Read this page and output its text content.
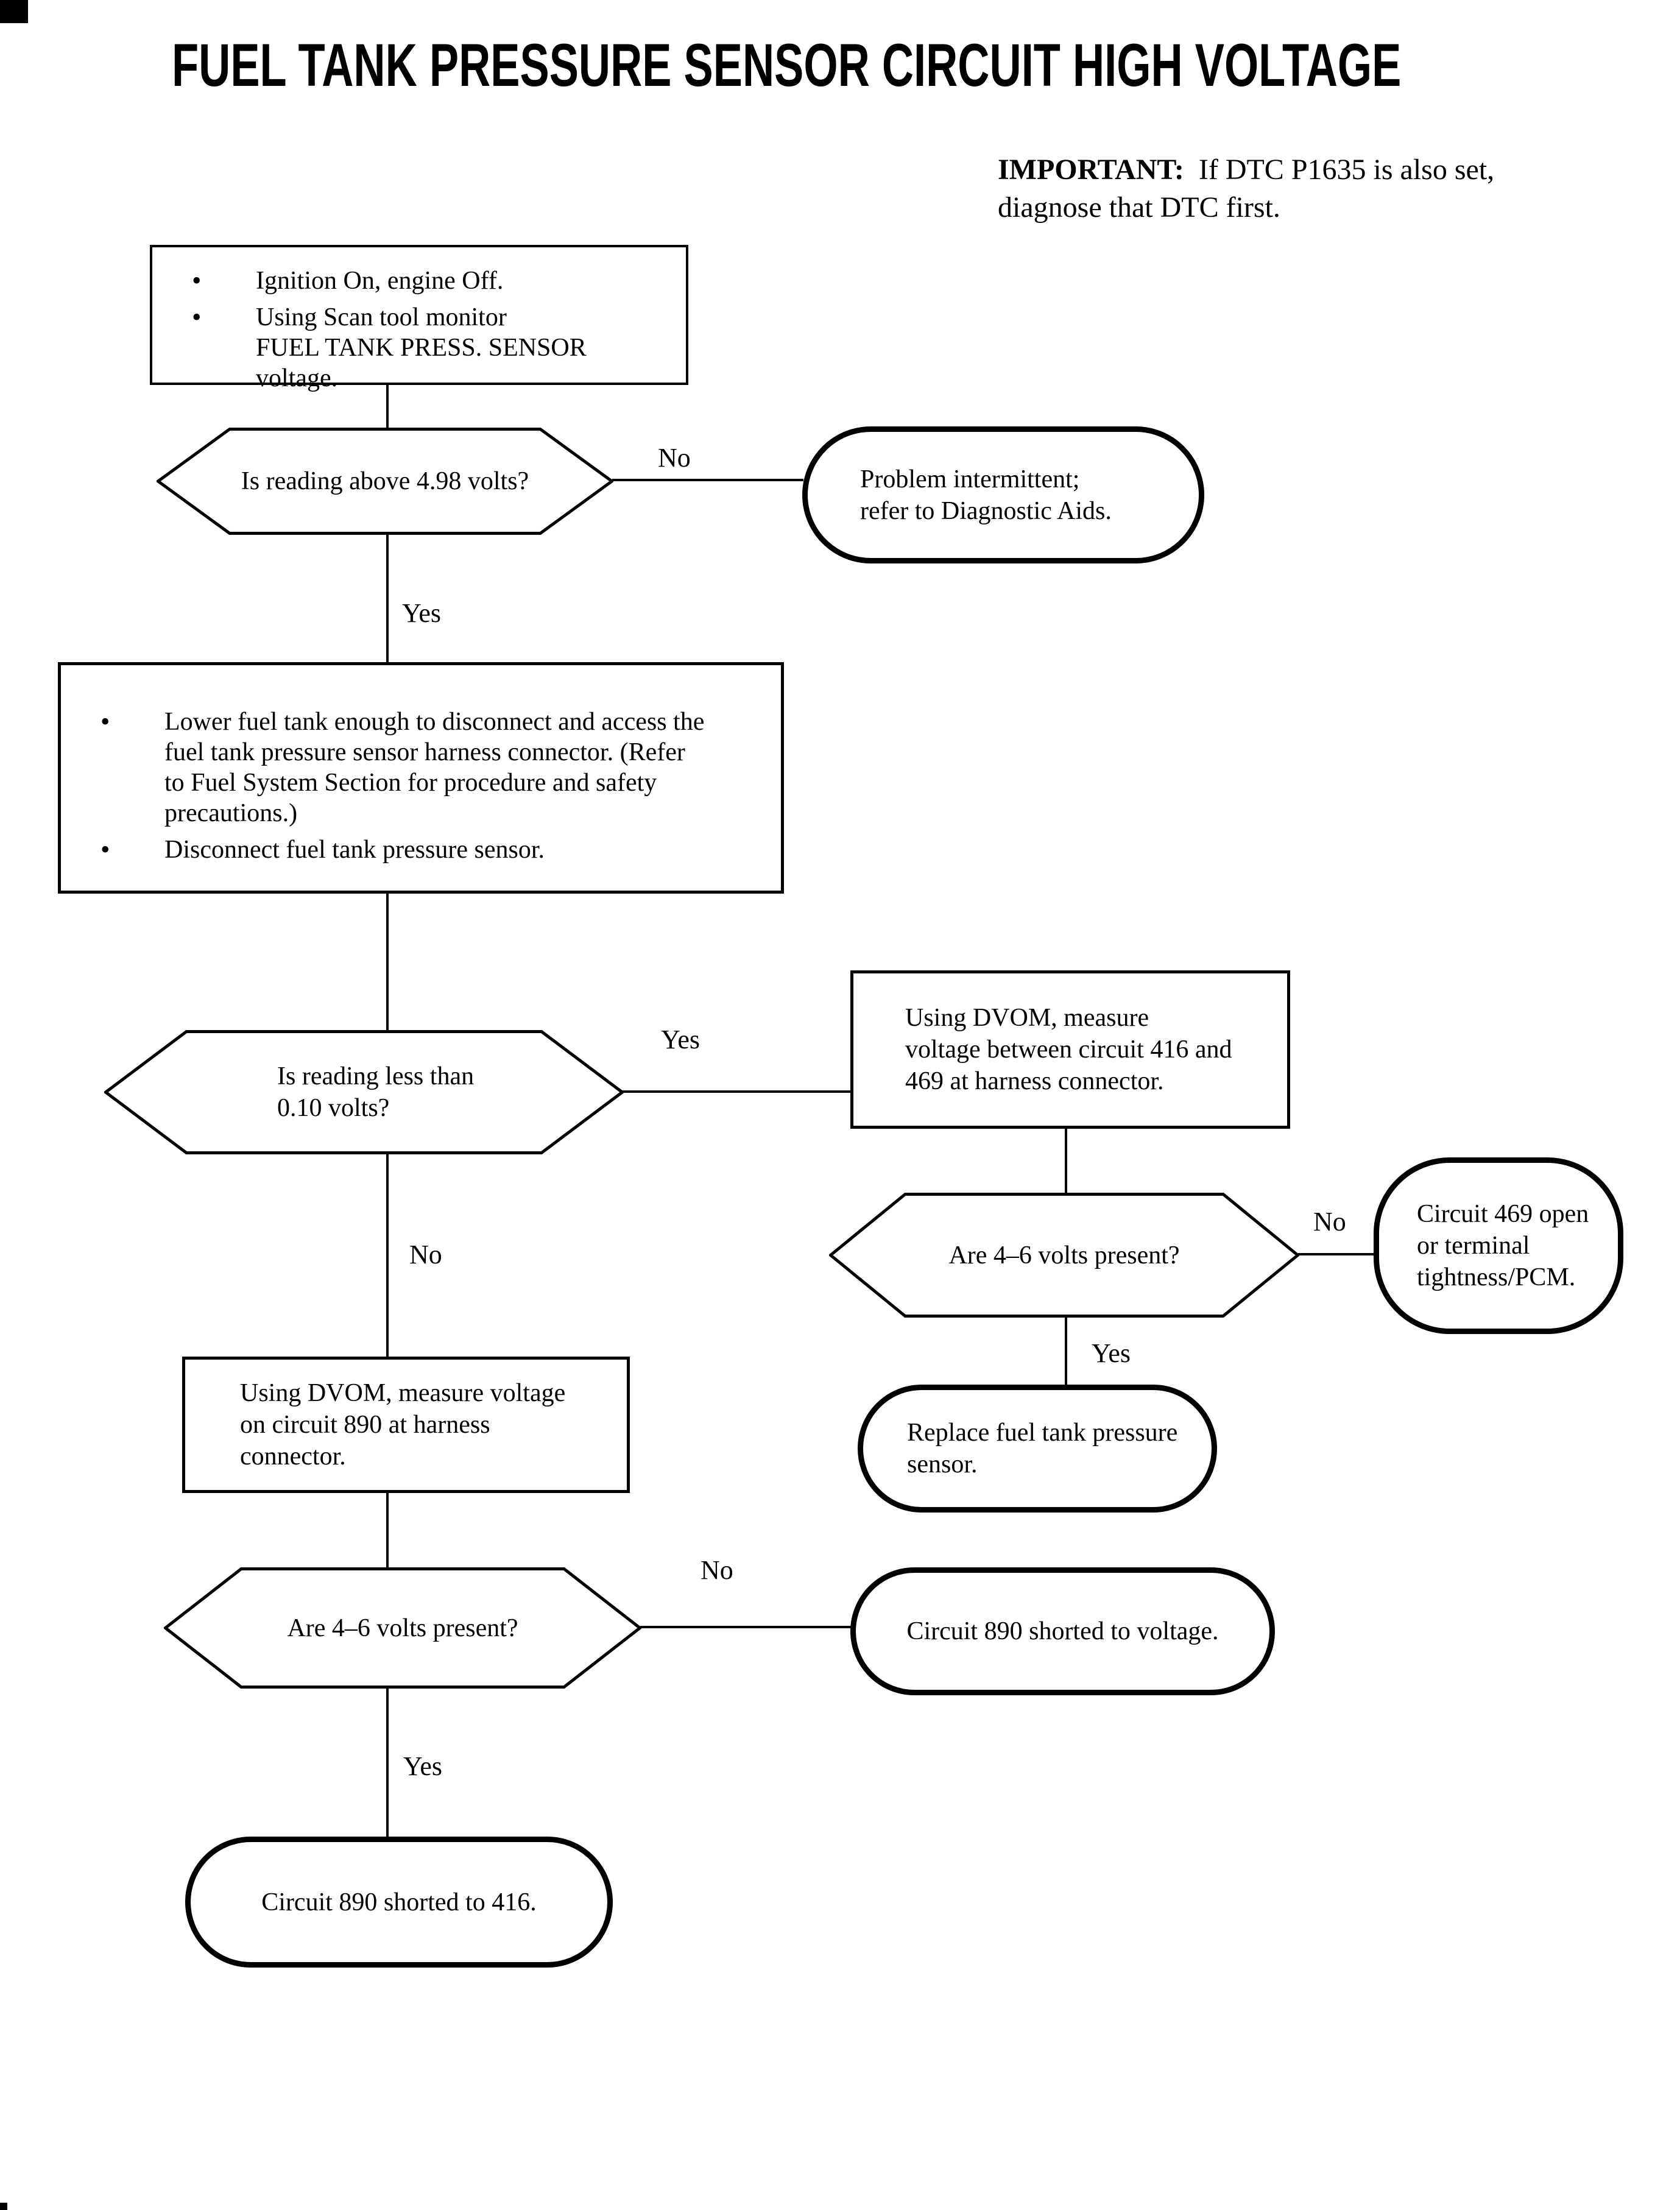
FUEL TANK PRESSURE SENSOR CIRCUIT HIGH VOLTAGE
IMPORTANT: If DTC P1635 is also set,
diagnose that DTC first.
•	Ignition On, engine Off.
•	Using Scan tool monitor
FUEL TANK PRESS. SENSOR
voltage.
Is reading above 4.98 volts?	Problem intermittent;
refer to Diagnostic Aids.
No
Yes
•	Lower fuel tank enough to disconnect and access the
fuel tank pressure sensor harness connector. (Refer
to Fuel System Section for procedure and safety
precautions.)
•	Disconnect fuel tank pressure sensor.
Is reading less than
0.10 volts?
Using DVOM, measure
voltage between circuit 416 and
469 at harness connector.
Yes
No	Are 4–6 volts present?
No
Yes
Circuit 469 open
or terminal
tightness/PCM.
Replace fuel tank pressure
sensor.
Using DVOM, measure voltage
on circuit 890 at harness
connector.
Are 4–6 volts present?
No
Yes
Circuit 890 shorted to voltage.
Circuit 890 shorted to 416.
